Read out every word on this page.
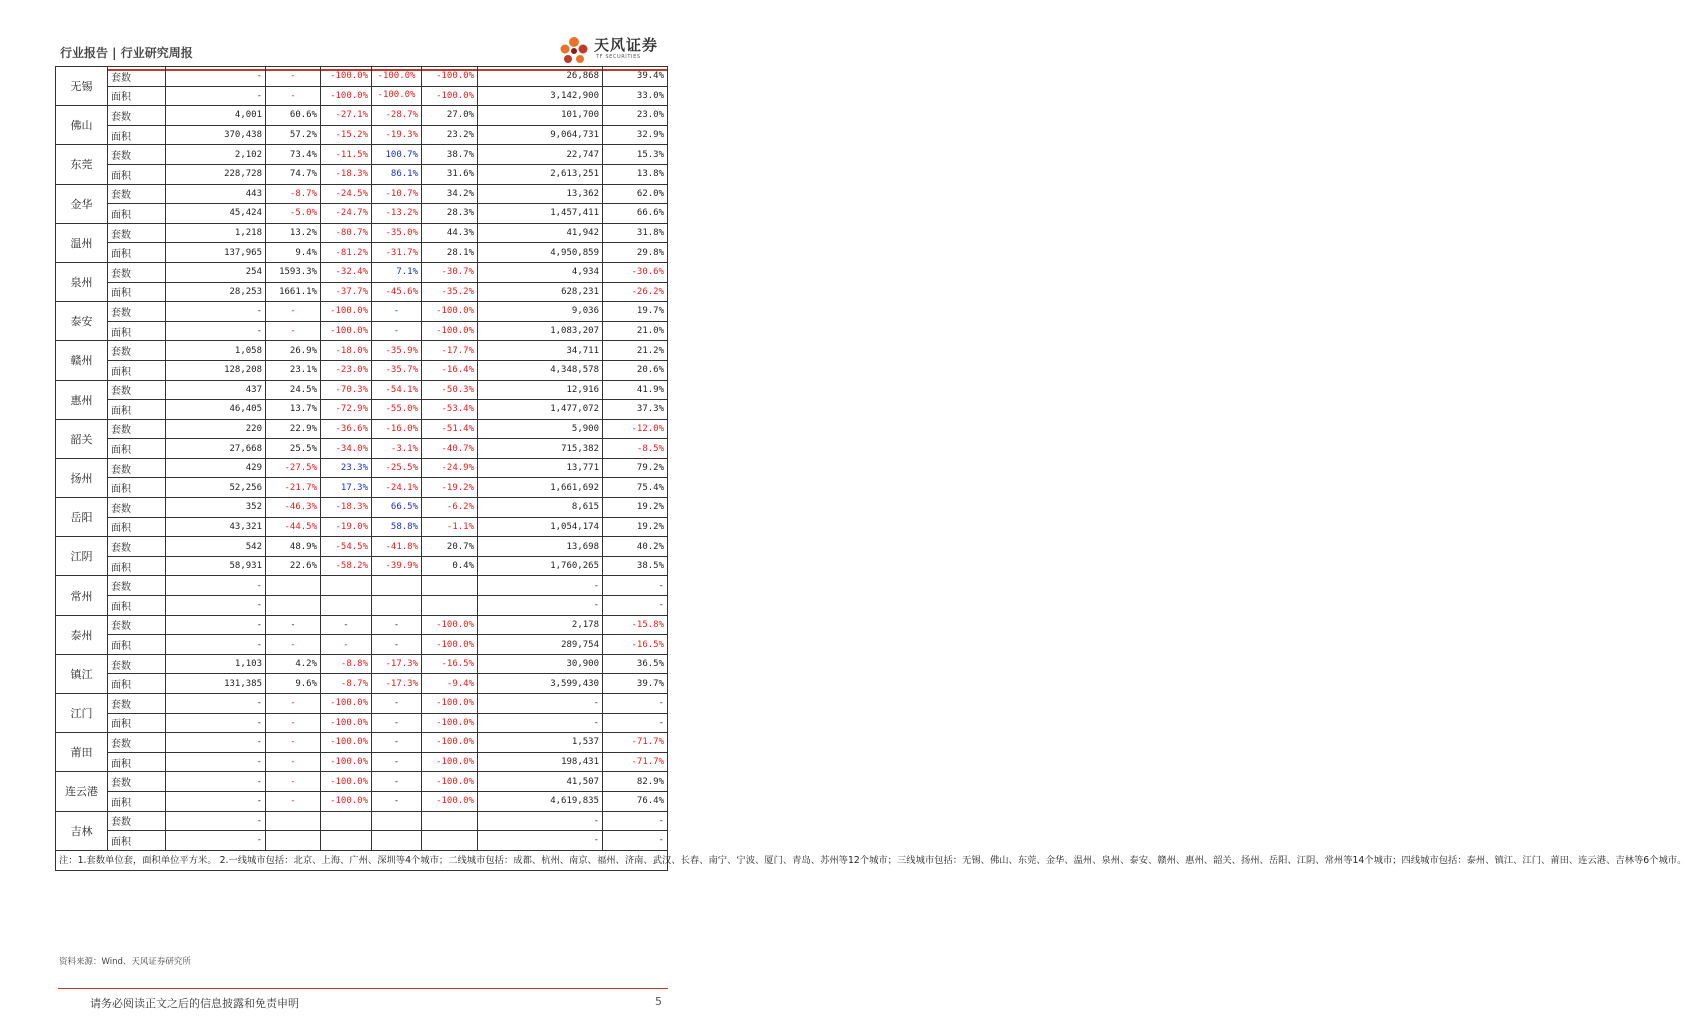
行业报告 | 行业研究周报	天风证券
TF SECURITIES
无锡	套数	-	-	-100.0%	-100.0%	-100.0%	26,868	39.4%
	面积	-	-	-100.0%	-100.0%	-100.0%	3,142,900	33.0%
佛山	套数	4,001	60.6%	-27.1%	-28.7%	27.0%	101,700	23.0%
	面积	370,438	57.2%	-15.2%	-19.3%	23.2%	9,064,731	32.9%
东莞	套数	2,102	73.4%	-11.5%	100.7%	38.7%	22,747	15.3%
	面积	228,728	74.7%	-18.3%	86.1%	31.6%	2,613,251	13.8%
金华	套数	443	-8.7%	-24.5%	-10.7%	34.2%	13,362	62.0%
	面积	45,424	-5.0%	-24.7%	-13.2%	28.3%	1,457,411	66.6%
温州	套数	1,218	13.2%	-80.7%	-35.0%	44.3%	41,942	31.8%
	面积	137,965	9.4%	-81.2%	-31.7%	28.1%	4,950,859	29.8%
泉州	套数	254	1593.3%	-32.4%	7.1%	-30.7%	4,934	-30.6%
	面积	28,253	1661.1%	-37.7%	-45.6%	-35.2%	628,231	-26.2%
泰安	套数	-	-	-100.0%	-	-100.0%	9,036	19.7%
	面积	-	-	-100.0%	-	-100.0%	1,083,207	21.0%
赣州	套数	1,058	26.9%	-18.0%	-35.9%	-17.7%	34,711	21.2%
	面积	128,208	23.1%	-23.0%	-35.7%	-16.4%	4,348,578	20.6%
惠州	套数	437	24.5%	-70.3%	-54.1%	-50.3%	12,916	41.9%
	面积	46,405	13.7%	-72.9%	-55.0%	-53.4%	1,477,072	37.3%
韶关	套数	220	22.9%	-36.6%	-16.0%	-51.4%	5,900	-12.0%
	面积	27,668	25.5%	-34.0%	-3.1%	-40.7%	715,382	-8.5%
扬州	套数	429	-27.5%	23.3%	-25.5%	-24.9%	13,771	79.2%
	面积	52,256	-21.7%	17.3%	-24.1%	-19.2%	1,661,692	75.4%
岳阳	套数	352	-46.3%	-18.3%	66.5%	-6.2%	8,615	19.2%
	面积	43,321	-44.5%	-19.0%	58.8%	-1.1%	1,054,174	19.2%
江阴	套数	542	48.9%	-54.5%	-41.8%	20.7%	13,698	40.2%
	面积	58,931	22.6%	-58.2%	-39.9%	0.4%	1,760,265	38.5%
常州	套数	-					-	-
	面积	-					-	-
泰州	套数	-	-	-	-	-100.0%	2,178	-15.8%
	面积	-	-	-	-	-100.0%	289,754	-16.5%
镇江	套数	1,103	4.2%	-8.8%	-17.3%	-16.5%	30,900	36.5%
	面积	131,385	9.6%	-8.7%	-17.3%	-9.4%	3,599,430	39.7%
江门	套数	-	-	-100.0%	-	-100.0%	-	-
	面积	-	-	-100.0%	-	-100.0%	-	-
莆田	套数	-	-	-100.0%	-	-100.0%	1,537	-71.7%
	面积	-	-	-100.0%	-	-100.0%	198,431	-71.7%
连云港	套数	-	-	-100.0%	-	-100.0%	41,507	82.9%
	面积	-	-	-100.0%	-	-100.0%	4,619,835	76.4%
吉林	套数	-					-	-
	面积	-					-	-
注：1.套数单位套，面积单位平方米。 2.一线城市包括：北京、上海、广州、深圳等4个城市；二线城市包括：成都、杭州、南京、福州、济南、武汉、长春、南宁、宁波、厦门、青岛、苏州等12个城市；三线城市包括：无锡、佛山、东莞、金华、温州、泉州、泰安、赣州、惠州、韶关、扬州、岳阳、江阴、常州等14个城市；四线城市包括：泰州、镇江、江门、莆田、连云港、吉林等6个城市。								
资料来源：Wind、天风证券研究所
请务必阅读正文之后的信息披露和免责申明	5
